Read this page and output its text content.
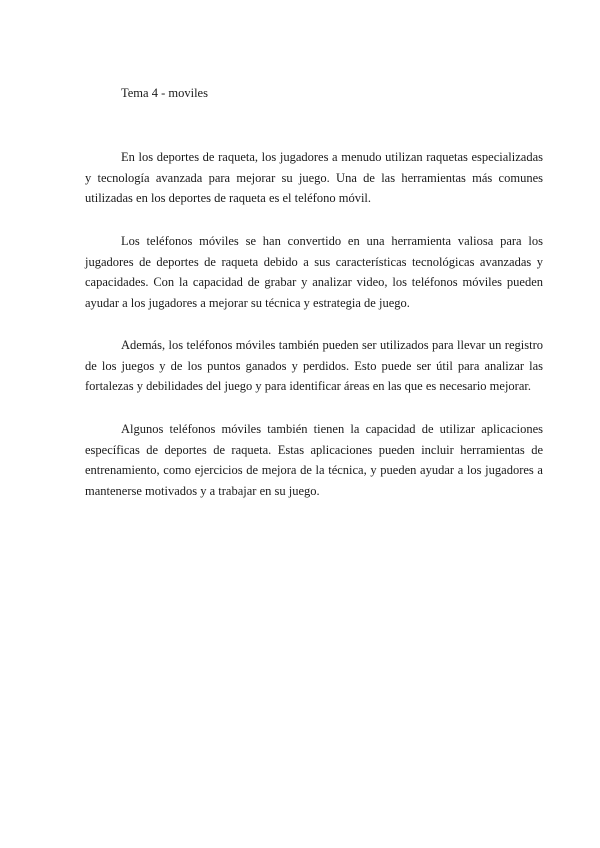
Tema 4 - moviles

En los deportes de raqueta, los jugadores a menudo utilizan raquetas especializadas y tecnología avanzada para mejorar su juego. Una de las herramientas más comunes utilizadas en los deportes de raqueta es el teléfono móvil.

Los teléfonos móviles se han convertido en una herramienta valiosa para los jugadores de deportes de raqueta debido a sus características tecnológicas avanzadas y capacidades. Con la capacidad de grabar y analizar video, los teléfonos móviles pueden ayudar a los jugadores a mejorar su técnica y estrategia de juego.

Además, los teléfonos móviles también pueden ser utilizados para llevar un registro de los juegos y de los puntos ganados y perdidos. Esto puede ser útil para analizar las fortalezas y debilidades del juego y para identificar áreas en las que es necesario mejorar.

Algunos teléfonos móviles también tienen la capacidad de utilizar aplicaciones específicas de deportes de raqueta. Estas aplicaciones pueden incluir herramientas de entrenamiento, como ejercicios de mejora de la técnica, y pueden ayudar a los jugadores a mantenerse motivados y a trabajar en su juego.
